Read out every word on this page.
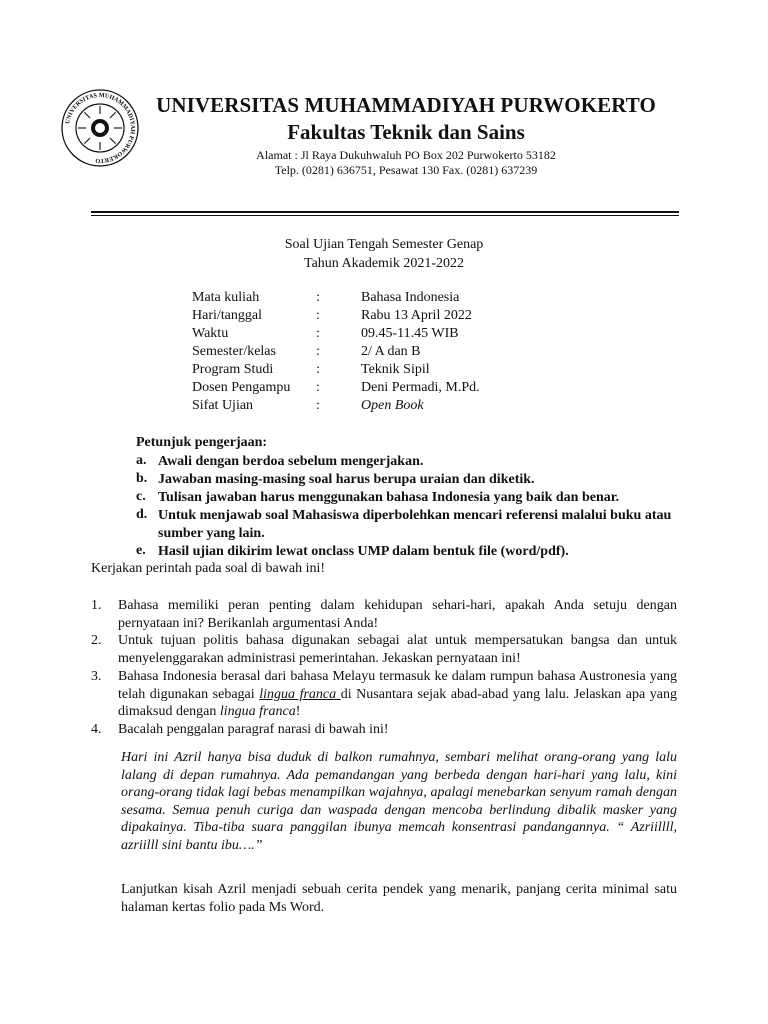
UNIVERSITAS MUHAMMADIYAH PURWOKERTO
UNIVERSITAS MUHAMMADIYAH PURWOKERTO
Fakultas Teknik dan Sains
Alamat : Jl Raya Dukuhwaluh PO Box 202 Purwokerto 53182
Telp. (0281) 636751, Pesawat 130 Fax. (0281) 637239
Soal Ujian Tengah Semester Genap
Tahun Akademik 2021-2022
Mata kuliah	:	Bahasa Indonesia
Hari/tanggal	:	Rabu 13 April 2022
Waktu	:	09.45-11.45 WIB
Semester/kelas	:	2/ A dan B
Program Studi	:	Teknik Sipil
Dosen Pengampu :	Deni Permadi, M.Pd.
Sifat Ujian	:	Open Book
Petunjuk pengerjaan:
a. Awali dengan berdoa sebelum mengerjakan.
b. Jawaban masing-masing soal harus berupa uraian dan diketik.
c. Tulisan jawaban harus menggunakan bahasa Indonesia yang baik dan benar.
d. Untuk menjawab soal Mahasiswa diperbolehkan mencari referensi malalui buku atau sumber yang lain.
e. Hasil ujian dikirim lewat onclass UMP dalam bentuk file (word/pdf).
Kerjakan perintah pada soal di bawah ini!
1. Bahasa memiliki peran penting dalam kehidupan sehari-hari, apakah Anda setuju dengan pernyataan ini? Berikanlah argumentasi Anda!
2. Untuk tujuan politis bahasa digunakan sebagai alat untuk mempersatukan bangsa dan untuk menyelenggarakan administrasi pemerintahan. Jekaskan pernyataan ini!
3. Bahasa Indonesia berasal dari bahasa Melayu termasuk ke dalam rumpun bahasa Austronesia yang telah digunakan sebagai lingua franca di Nusantara sejak abad-abad yang lalu. Jelaskan apa yang dimaksud dengan lingua franca!
4. Bacalah penggalan paragraf narasi di bawah ini!
Hari ini Azril hanya bisa duduk di balkon rumahnya, sembari melihat orang-orang yang lalu lalang di depan rumahnya. Ada pemandangan yang berbeda dengan hari-hari yang lalu, kini orang-orang tidak lagi bebas menampilkan wajahnya, apalagi menebarkan senyum ramah dengan sesama. Semua penuh curiga dan waspada dengan mencoba berlindung dibalik masker yang dipakainya. Tiba-tiba suara panggilan ibunya memcah konsentrasi pandangannya. “ Azriillll, azriilll sini bantu ibu….”
Lanjutkan kisah Azril menjadi sebuah cerita pendek yang menarik, panjang cerita minimal satu halaman kertas folio pada Ms Word.
